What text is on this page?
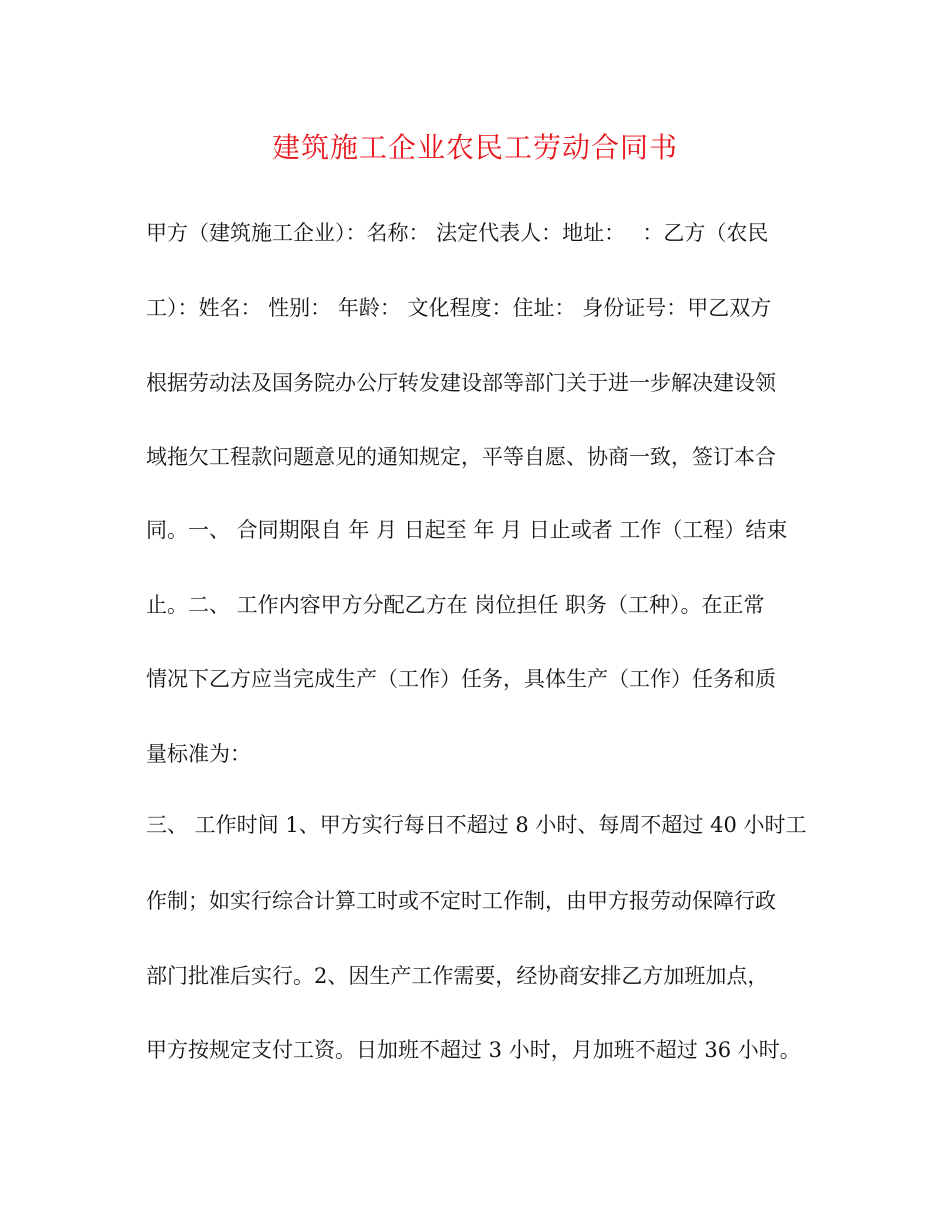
建筑施工企业农民工劳动合同书
甲方（建筑施工企业）：名称： 法定代表人：地址：　 ：乙方（农民
工）：姓名： 性别： 年龄： 文化程度：住址： 身份证号：甲乙双方
根据劳动法及国务院办公厅转发建设部等部门关于进一步解决建设领
域拖欠工程款问题意见的通知规定，平等自愿、协商一致，签订本合
同。一、 合同期限自 年 月 日起至 年 月 日止或者 工作（工程）结束
止。二、 工作内容甲方分配乙方在 岗位担任 职务（工种）。在正常
情况下乙方应当完成生产（工作）任务，具体生产（工作）任务和质
量标准为：
三、 工作时间 1、甲方实行每日不超过 8 小时、每周不超过 40 小时工
作制；如实行综合计算工时或不定时工作制，由甲方报劳动保障行政
部门批准后实行。2、因生产工作需要，经协商安排乙方加班加点，
甲方按规定支付工资。日加班不超过 3 小时，月加班不超过 36 小时。
